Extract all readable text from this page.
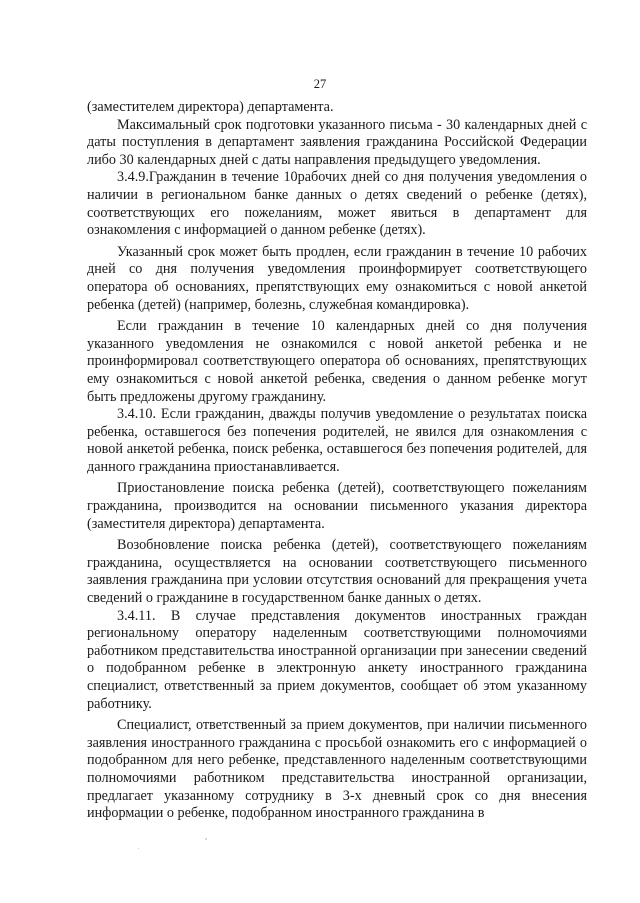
27

(заместителем директора) департамента.

Максимальный срок подготовки указанного письма - 30 календарных дней с даты поступления в департамент заявления гражданина Российской Федерации либо 30 календарных дней с даты направления предыдущего уведомления.

3.4.9.Гражданин в течение 10рабочих дней со дня получения уведомления о наличии в региональном банке данных о детях сведений о ребенке (детях), соответствующих его пожеланиям, может явиться в департамент для ознакомления с информацией о данном ребенке (детях).

Указанный срок может быть продлен, если гражданин в течение 10 рабочих дней со дня получения уведомления проинформирует соответствующего оператора об основаниях, препятствующих ему ознакомиться с новой анкетой ребенка (детей) (например, болезнь, служебная командировка).

Если гражданин в течение 10 календарных дней со дня получения указанного уведомления не ознакомился с новой анкетой ребенка и не проинформировал соответствующего оператора об основаниях, препятствующих ему ознакомиться с новой анкетой ребенка, сведения о данном ребенке могут быть предложены другому гражданину.

3.4.10. Если гражданин, дважды получив уведомление о результатах поиска ребенка, оставшегося без попечения родителей, не явился для ознакомления с новой анкетой ребенка, поиск ребенка, оставшегося без попечения родителей, для данного гражданина приостанавливается.

Приостановление поиска ребенка (детей), соответствующего пожеланиям гражданина, производится на основании письменного указания директора (заместителя директора) департамента.

Возобновление поиска ребенка (детей), соответствующего пожеланиям гражданина, осуществляется на основании соответствующего письменного заявления гражданина при условии отсутствия оснований для прекращения учета сведений о гражданине в государственном банке данных о детях.

3.4.11. В случае представления документов иностранных граждан региональному оператору наделенным соответствующими полномочиями работником представительства иностранной организации при занесении сведений о подобранном ребенке в электронную анкету иностранного гражданина специалист, ответственный за прием документов, сообщает об этом указанному работнику.

Специалист, ответственный за прием документов, при наличии письменного заявления иностранного гражданина с просьбой ознакомить его с информацией о подобранном для него ребенке, представленного наделенным соответствующими полномочиями работником представительства иностранной организации, предлагает указанному сотруднику в 3-х дневный срок со дня внесения информации о ребенке, подобранном иностранного гражданина в
